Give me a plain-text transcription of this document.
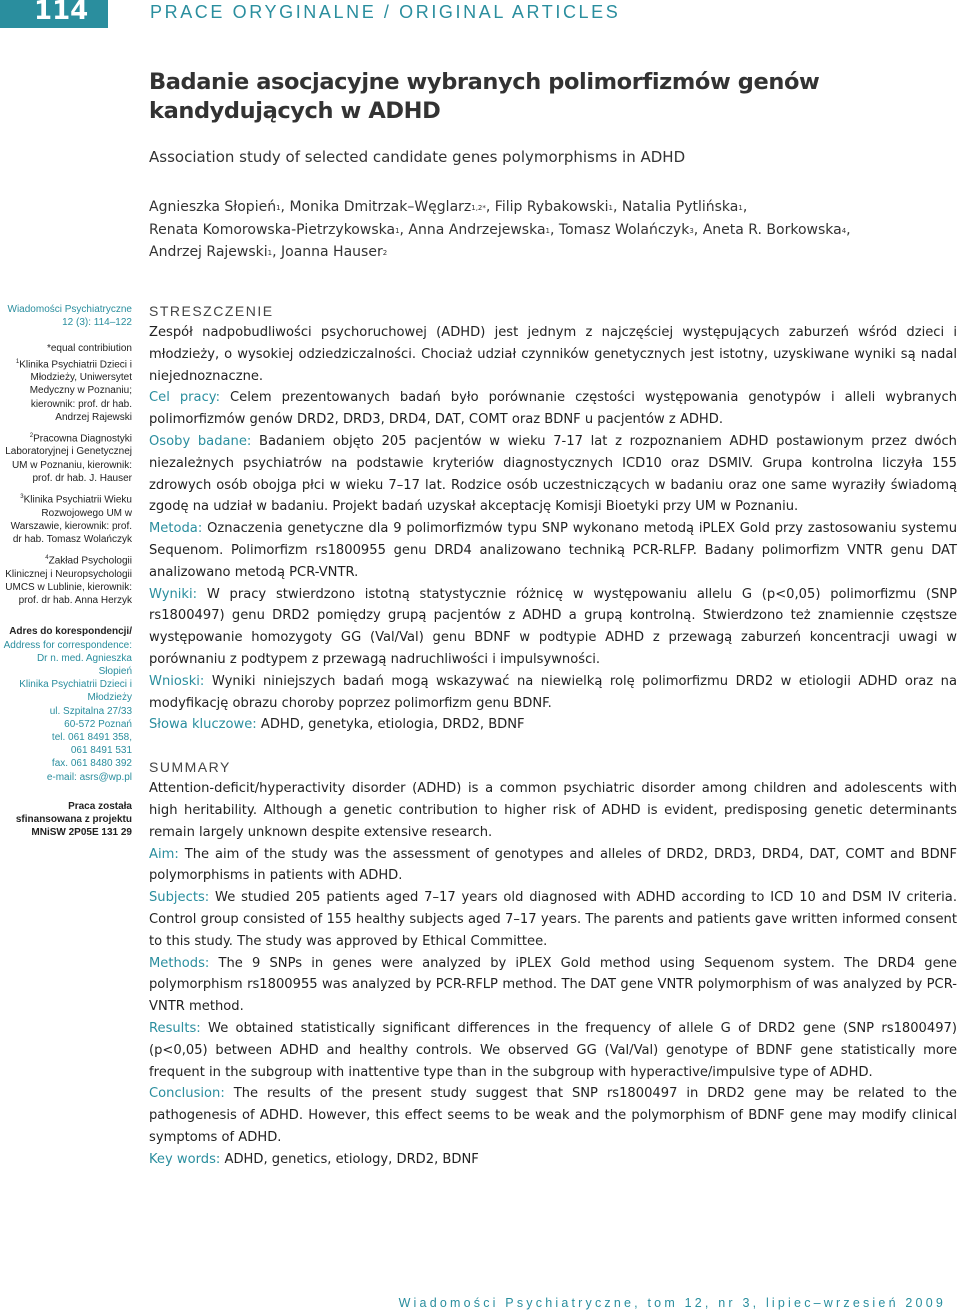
114	PRACE ORYGINALNE / ORIGINAL ARTICLES
Badanie asocjacyjne wybranych polimorfizmów genów
kandydujących w ADHD
Association study of selected candidate genes polymorphisms in ADHD
Agnieszka Słopień$^1$, Monika Dmitrzak–Węglarz$^{1,2*}$, Filip Rybakowski$^1$, Natalia Pytlińska$^1$,
Renata Komorowska-Pietrzykowska$^1$, Anna Andrzejewska$^1$, Tomasz Wolańczyk$^3$, Aneta R. Borkowska$^4$,
Andrzej Rajewski$^1$, Joanna Hauser$^2$

Wiadomości Psychiatryczne

12 (3): 114–122

*equal contribiution

$^1$Klinika Psychiatrii Dzieci i Młodzieży, Uniwersytet Medyczny w Poznaniu; kierownik: prof. dr hab. Andrzej Rajewski

$^2$Pracowna Diagnostyki Laboratoryjnej i Genetycznej UM w Poznaniu, kierownik: prof. dr hab. J. Hauser

$^3$Klinika Psychiatrii Wieku Rozwojowego UM w Warszawie, kierownik: prof. dr hab. Tomasz Wolańczyk

$^4$Zakład Psychologii Klinicznej i Neuropsychologii UMCS w Lublinie, kierownik: prof. dr hab. Anna Herzyk

Adres do korespondencji/

Address for correspondence:

Dr n. med. Agnieszka Słopień

Klinika Psychiatrii Dzieci i Młodzieży

ul. Szpitalna 27/33

60-572 Poznań

tel. 061 8491 358,

061 8491 531

fax. 061 8480 392

e-mail: asrs@wp.pl

Praca została sfinansowana z projektu MNiSW 2P05E 131 29

STRESZCZENIE

Zespół nadpobudliwości psychoruchowej (ADHD) jest jednym z najczęściej występujących zaburzeń wśród dzieci i młodzieży, o wysokiej odziedziczalności. Chociaż udział czynników genetycznych jest istotny, uzyskiwane wyniki są nadal niejednoznaczne.

Cel pracy: Celem prezentowanych badań było porównanie częstości występowania genotypów i alleli wybranych polimorfizmów genów DRD2, DRD3, DRD4, DAT, COMT oraz BDNF u pacjentów z ADHD.

Osoby badane: Badaniem objęto 205 pacjentów w wieku 7-17 lat z rozpoznaniem ADHD postawionym przez dwóch niezależnych psychiatrów na podstawie kryteriów diagnostycznych ICD10 oraz DSMIV. Grupa kontrolna liczyła 155 zdrowych osób obojga płci w wieku 7–17 lat. Rodzice osób uczestniczących w badaniu oraz one same wyraziły świadomą zgodę na udział w badaniu. Projekt badań uzyskał akceptację Komisji Bioetyki przy UM w Poznaniu.

Metoda: Oznaczenia genetyczne dla 9 polimorfizmów typu SNP wykonano metodą iPLEX Gold przy zastosowaniu systemu Sequenom. Polimorfizm rs1800955 genu DRD4 analizowano techniką PCR-RLFP. Badany polimorfizm VNTR genu DAT analizowano metodą PCR-VNTR.

Wyniki: W pracy stwierdzono istotną statystycznie różnicę w występowaniu allelu G (p<0,05) polimorfizmu (SNP rs1800497) genu DRD2 pomiędzy grupą pacjentów z ADHD a grupą kontrolną. Stwierdzono też znamiennie częstsze występowanie homozygoty GG (Val/Val) genu BDNF w podtypie ADHD z przewagą zaburzeń koncentracji uwagi w porównaniu z podtypem z przewagą nadruchliwości i impulsywności.

Wnioski: Wyniki niniejszych badań mogą wskazywać na niewielką rolę polimorfizmu DRD2 w etiologii ADHD oraz na modyfikację obrazu choroby poprzez polimorfizm genu BDNF.

Słowa kluczowe: ADHD, genetyka, etiologia, DRD2, BDNF

SUMMARY

Attention-deficit/hyperactivity disorder (ADHD) is a common psychiatric disorder among children and adolescents with high heritability. Although a genetic contribution to higher risk of ADHD is evident, predisposing genetic determinants remain largely unknown despite extensive research.

Aim: The aim of the study was the assessment of genotypes and alleles of DRD2, DRD3, DRD4, DAT, COMT and BDNF polymorphisms in patients with ADHD.

Subjects: We studied 205 patients aged 7–17 years old diagnosed with ADHD according to ICD 10 and DSM IV criteria. Control group consisted of 155 healthy subjects aged 7–17 years. The parents and patients gave written informed consent to this study. The study was approved by Ethical Committee.

Methods: The 9 SNPs in genes were analyzed by iPLEX Gold method using Sequenom system. The DRD4 gene polymorphism rs1800955 was analyzed by PCR-RFLP method. The DAT gene VNTR polymorphism of was analyzed by PCR-VNTR method.

Results: We obtained statistically significant differences in the frequency of allele G of DRD2 gene (SNP rs1800497) (p<0,05) between ADHD and healthy controls. We observed GG (Val/Val) genotype of BDNF gene statistically more frequent in the subgroup with inattentive type than in the subgroup with hyperactive/impulsive type of ADHD.

Conclusion: The results of the present study suggest that SNP rs1800497 in DRD2 gene may be related to the pathogenesis of ADHD. However, this effect seems to be weak and the polymorphism of BDNF gene may modify clinical symptoms of ADHD.

Key words: ADHD, genetics, etiology, DRD2, BDNF

Wiadomości Psychiatryczne, tom 12, nr 3, lipiec–wrzesień 2009
